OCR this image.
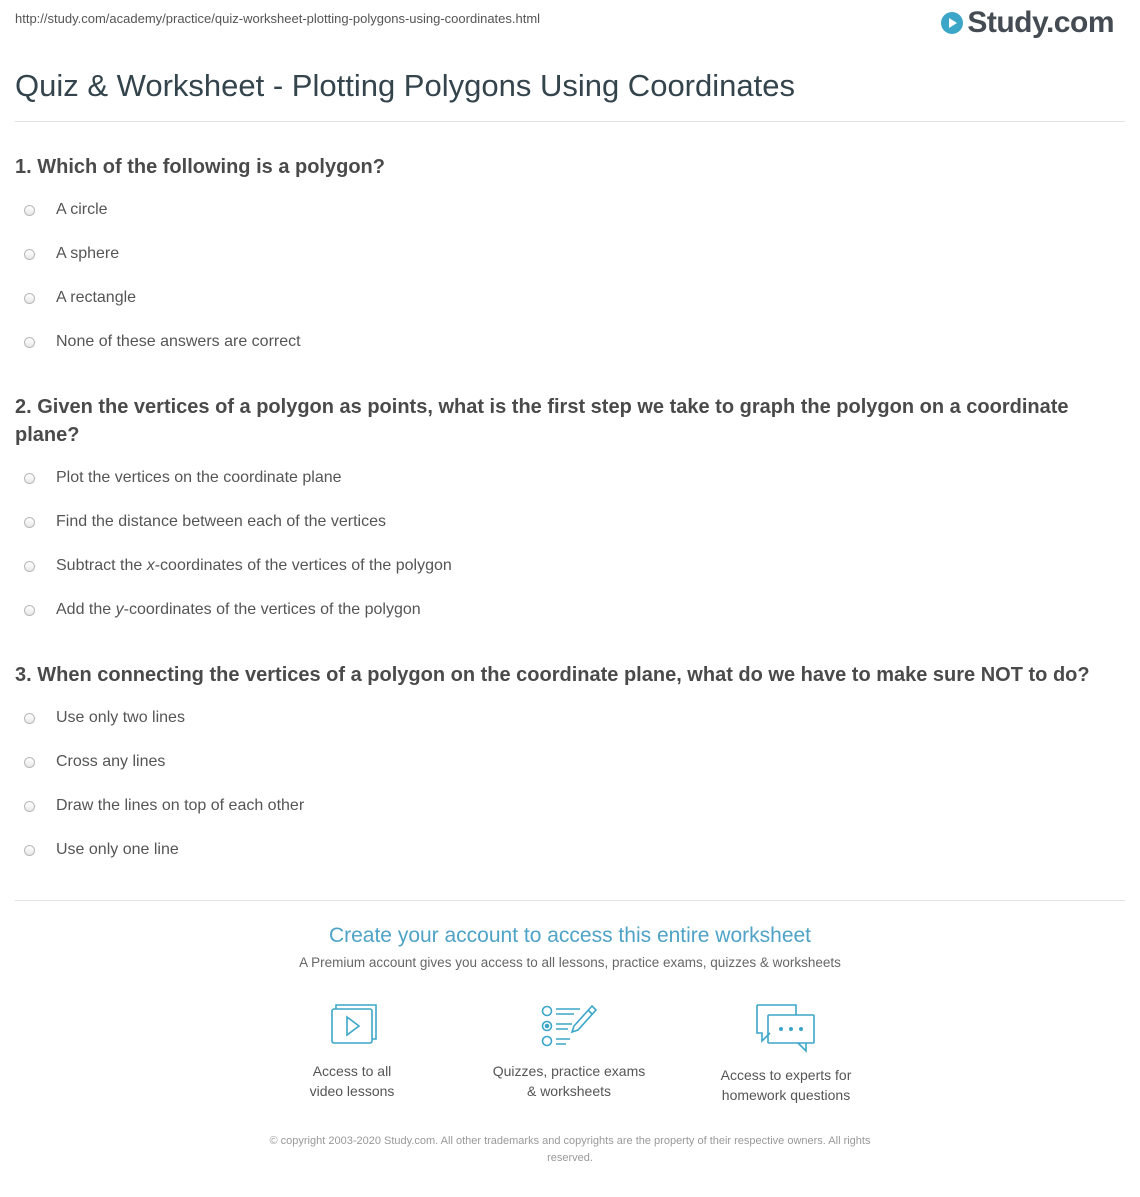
http://study.com/academy/practice/quiz-worksheet-plotting-polygons-using-coordinates.html	Study.com
Quiz & Worksheet - Plotting Polygons Using Coordinates

1. Which of the following is a polygon?

A circle
A sphere
A rectangle
None of these answers are correct

2. Given the vertices of a polygon as points, what is the first step we take to graph the polygon on a coordinate plane?

Plot the vertices on the coordinate plane
Find the distance between each of the vertices
Subtract the x-coordinates of the vertices of the polygon
Add the y-coordinates of the vertices of the polygon

3. When connecting the vertices of a polygon on the coordinate plane, what do we have to make sure NOT to do?

Use only two lines
Cross any lines
Draw the lines on top of each other
Use only one line
Create your account to access this entire worksheet
A Premium account gives you access to all lessons, practice exams, quizzes & worksheets
Access to all
video lessons
Quizzes, practice exams
& worksheets
Access to experts for
homework questions
© copyright 2003-2020 Study.com. All other trademarks and copyrights are the property of their respective owners. All rights
reserved.
